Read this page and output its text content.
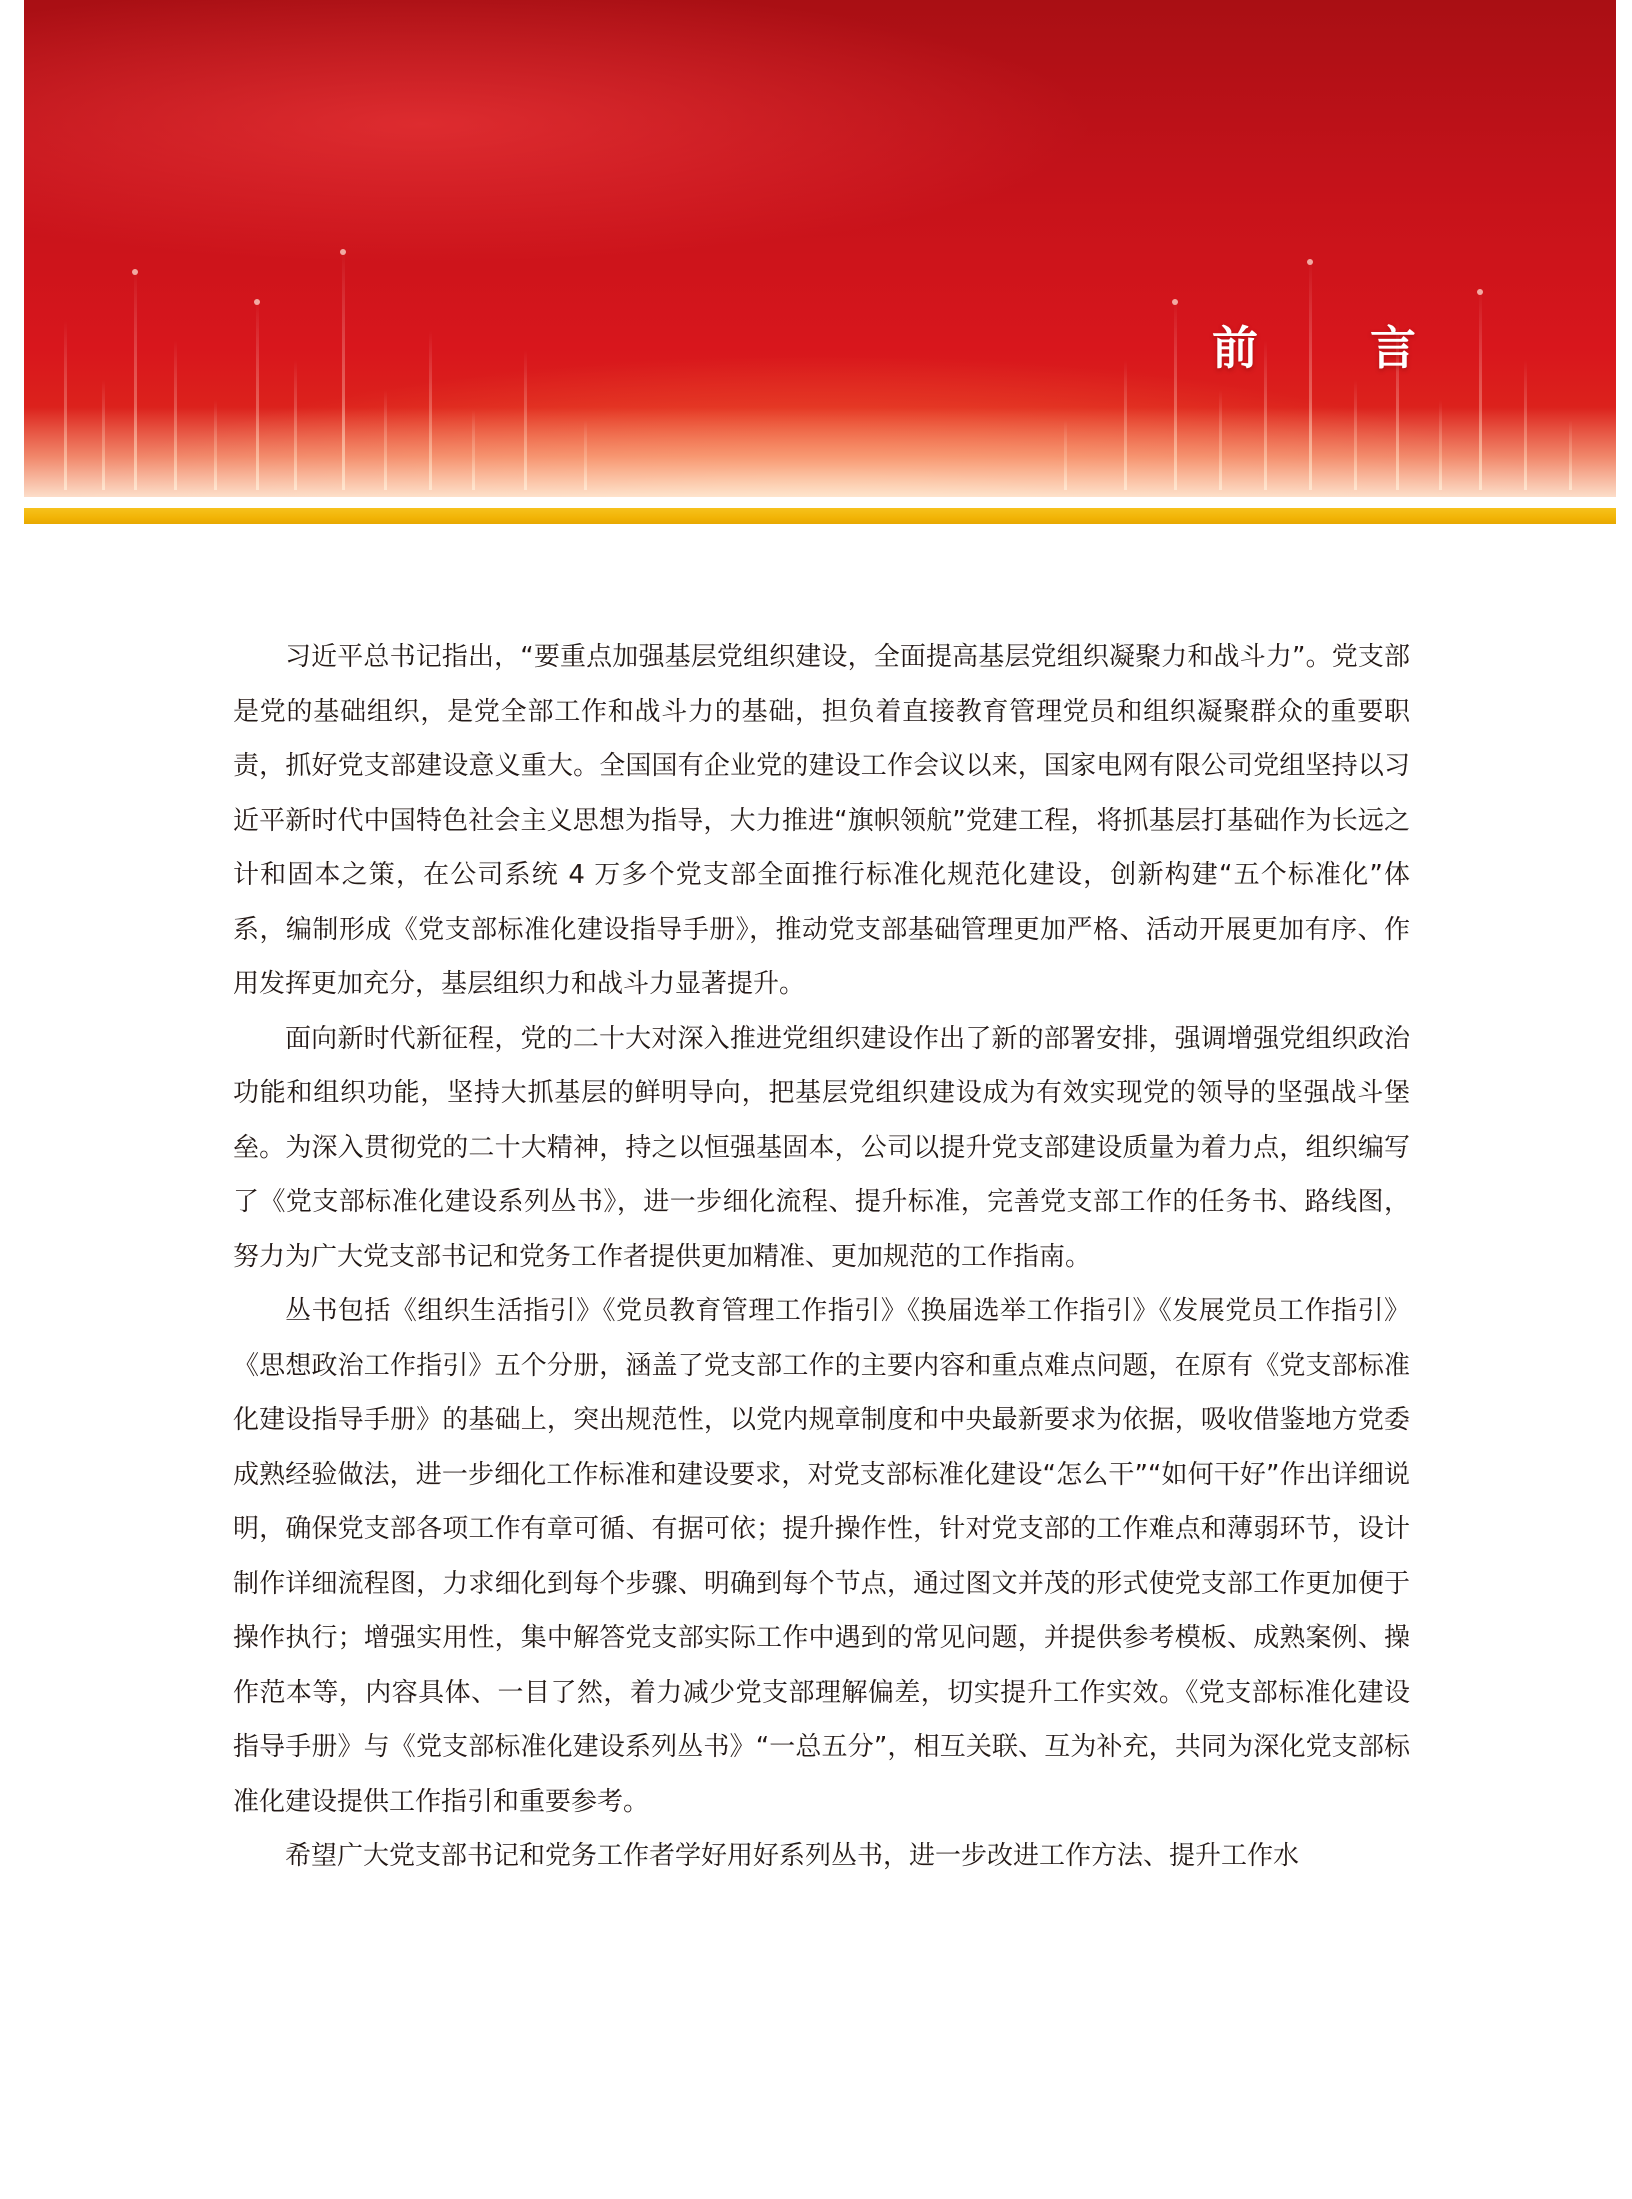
前 言

习近平总书记指出，“要重点加强基层党组织建设，全面提高基层党组织凝聚力和战斗力”。党支部是党的基础组织，是党全部工作和战斗力的基础，担负着直接教育管理党员和组织凝聚群众的重要职责，抓好党支部建设意义重大。全国国有企业党的建设工作会议以来，国家电网有限公司党组坚持以习近平新时代中国特色社会主义思想为指导，大力推进“旗帜领航”党建工程，将抓基层打基础作为长远之计和固本之策，在公司系统 4 万多个党支部全面推行标准化规范化建设，创新构建“五个标准化”体系，编制形成《党支部标准化建设指导手册》，推动党支部基础管理更加严格、活动开展更加有序、作用发挥更加充分，基层组织力和战斗力显著提升。

面向新时代新征程，党的二十大对深入推进党组织建设作出了新的部署安排，强调增强党组织政治功能和组织功能，坚持大抓基层的鲜明导向，把基层党组织建设成为有效实现党的领导的坚强战斗堡垒。为深入贯彻党的二十大精神，持之以恒强基固本，公司以提升党支部建设质量为着力点，组织编写了《党支部标准化建设系列丛书》，进一步细化流程、提升标准，完善党支部工作的任务书、路线图，努力为广大党支部书记和党务工作者提供更加精准、更加规范的工作指南。

丛书包括《组织生活指引》《党员教育管理工作指引》《换届选举工作指引》《发展党员工作指引》《思想政治工作指引》五个分册，涵盖了党支部工作的主要内容和重点难点问题，在原有《党支部标准化建设指导手册》的基础上，突出规范性，以党内规章制度和中央最新要求为依据，吸收借鉴地方党委成熟经验做法，进一步细化工作标准和建设要求，对党支部标准化建设“怎么干”“如何干好”作出详细说明，确保党支部各项工作有章可循、有据可依；提升操作性，针对党支部的工作难点和薄弱环节，设计制作详细流程图，力求细化到每个步骤、明确到每个节点，通过图文并茂的形式使党支部工作更加便于操作执行；增强实用性，集中解答党支部实际工作中遇到的常见问题，并提供参考模板、成熟案例、操作范本等，内容具体、一目了然，着力减少党支部理解偏差，切实提升工作实效。《党支部标准化建设指导手册》与《党支部标准化建设系列丛书》“一总五分”，相互关联、互为补充，共同为深化党支部标准化建设提供工作指引和重要参考。

希望广大党支部书记和党务工作者学好用好系列丛书，进一步改进工作方法、提升工作水
